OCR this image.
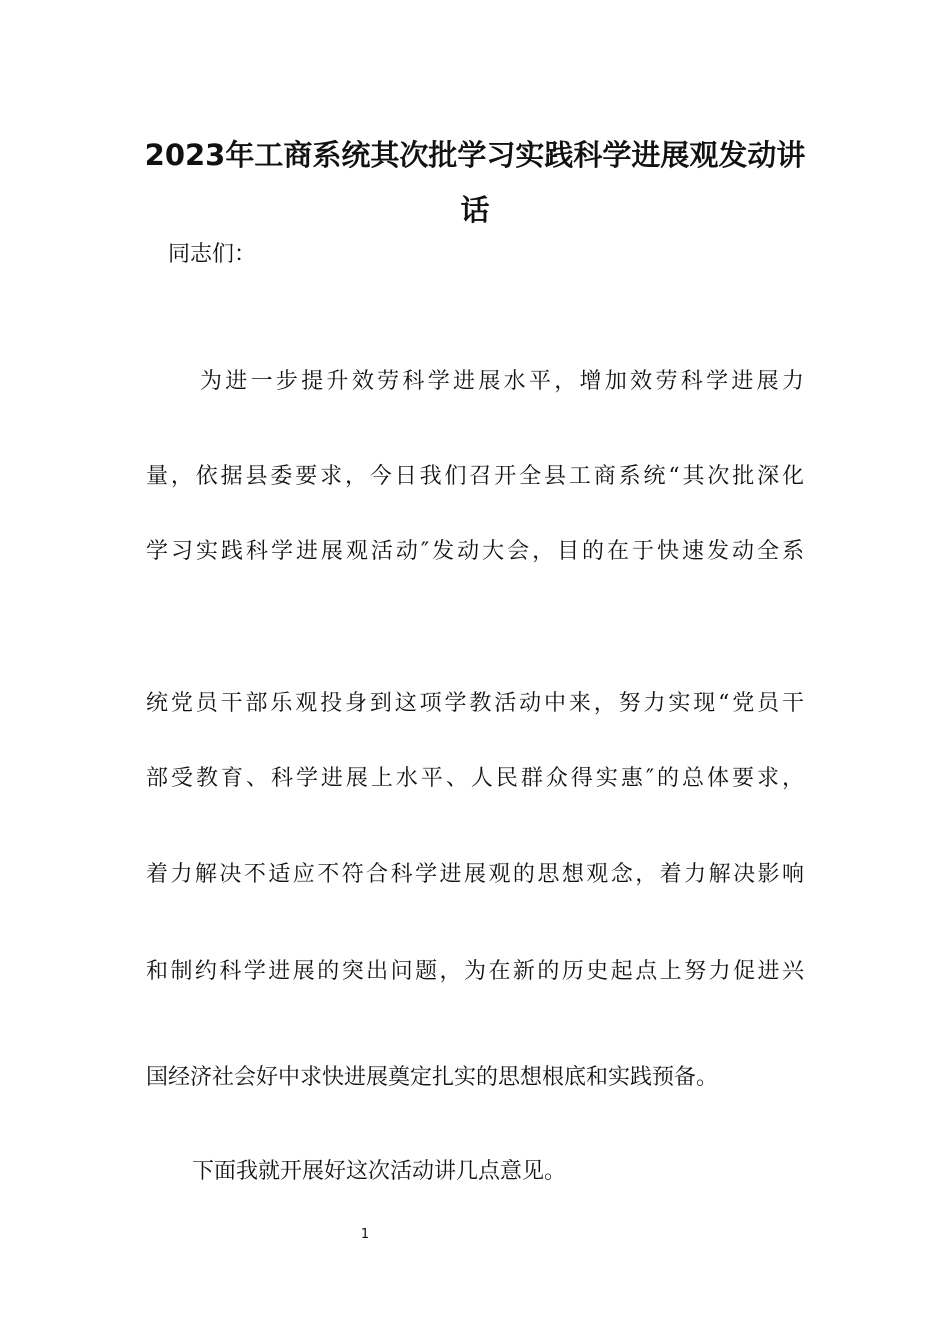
2023年工商系统其次批学习实践科学进展观发动讲
话
同志们：
为进一步提升效劳科学进展水平，增加效劳科学进展力
量，依据县委要求，今日我们召开全县工商系统“其次批深化
学习实践科学进展观活动″发动大会，目的在于快速发动全系
统党员干部乐观投身到这项学教活动中来，努力实现“党员干
部受教育、科学进展上水平、人民群众得实惠″的总体要求，
着力解决不适应不符合科学进展观的思想观念，着力解决影响
和制约科学进展的突出问题，为在新的历史起点上努力促进兴
国经济社会好中求快进展奠定扎实的思想根底和实践预备。
下面我就开展好这次活动讲几点意见。
1
